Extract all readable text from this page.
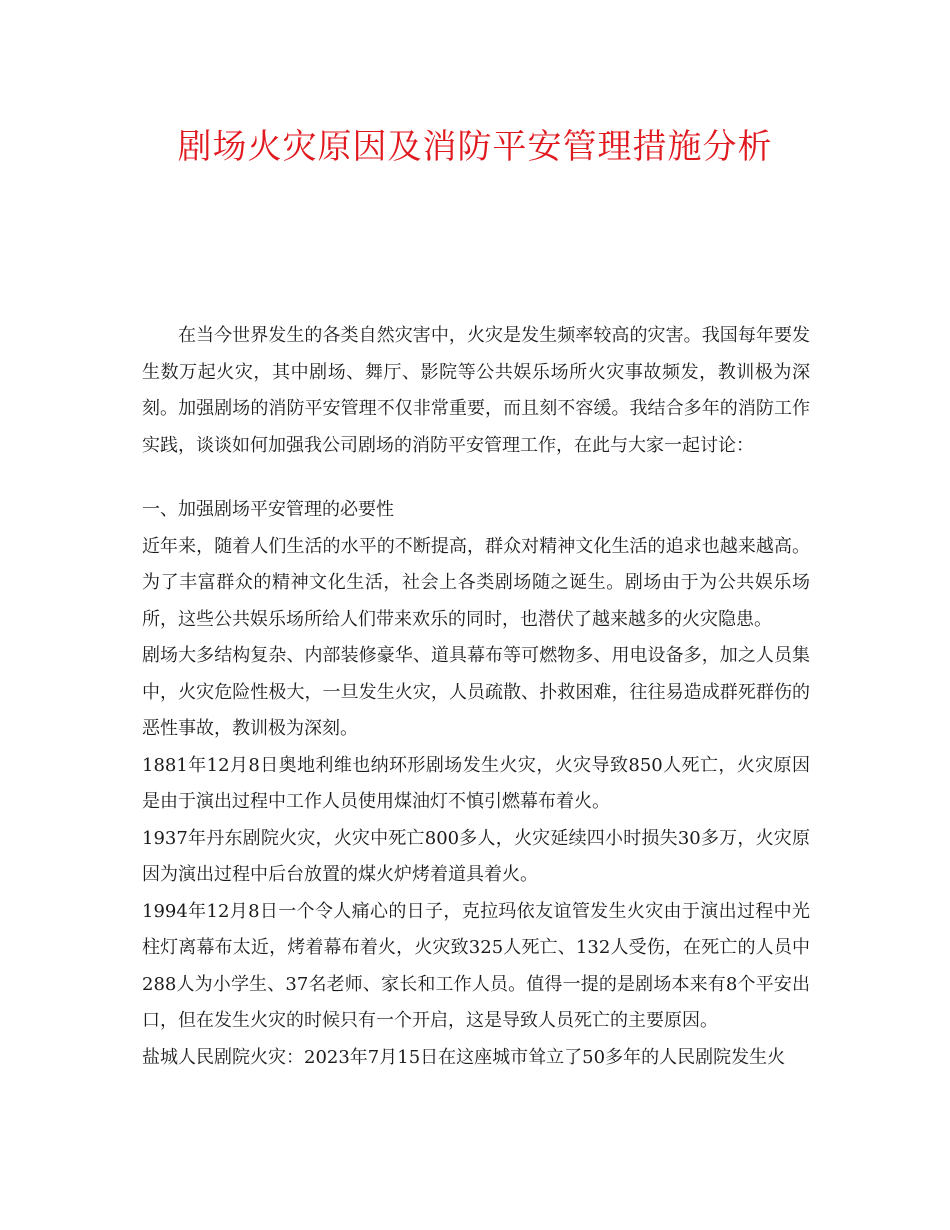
剧场火灾原因及消防平安管理措施分析

在当今世界发生的各类自然灾害中，火灾是发生频率较高的灾害。我国每年要发生数万起火灾，其中剧场、舞厅、影院等公共娱乐场所火灾事故频发，教训极为深刻。加强剧场的消防平安管理不仅非常重要，而且刻不容缓。我结合多年的消防工作实践，谈谈如何加强我公司剧场的消防平安管理工作，在此与大家一起讨论：

一、加强剧场平安管理的必要性

近年来，随着人们生活的水平的不断提高，群众对精神文化生活的追求也越来越高。为了丰富群众的精神文化生活，社会上各类剧场随之诞生。剧场由于为公共娱乐场所，这些公共娱乐场所给人们带来欢乐的同时，也潜伏了越来越多的火灾隐患。

剧场大多结构复杂、内部装修豪华、道具幕布等可燃物多、用电设备多，加之人员集中，火灾危险性极大，一旦发生火灾，人员疏散、扑救困难，往往易造成群死群伤的恶性事故，教训极为深刻。

1881年12月8日奥地利维也纳环形剧场发生火灾，火灾导致850人死亡，火灾原因是由于演出过程中工作人员使用煤油灯不慎引燃幕布着火。

1937年丹东剧院火灾，火灾中死亡800多人，火灾延续四小时损失30多万，火灾原因为演出过程中后台放置的煤火炉烤着道具着火。

1994年12月8日一个令人痛心的日子，克拉玛依友谊管发生火灾由于演出过程中光柱灯离幕布太近，烤着幕布着火，火灾致325人死亡、132人受伤，在死亡的人员中288人为小学生、37名老师、家长和工作人员。值得一提的是剧场本来有8个平安出口，但在发生火灾的时候只有一个开启，这是导致人员死亡的主要原因。

盐城人民剧院火灾：2023年7月15日在这座城市耸立了50多年的人民剧院发生火
